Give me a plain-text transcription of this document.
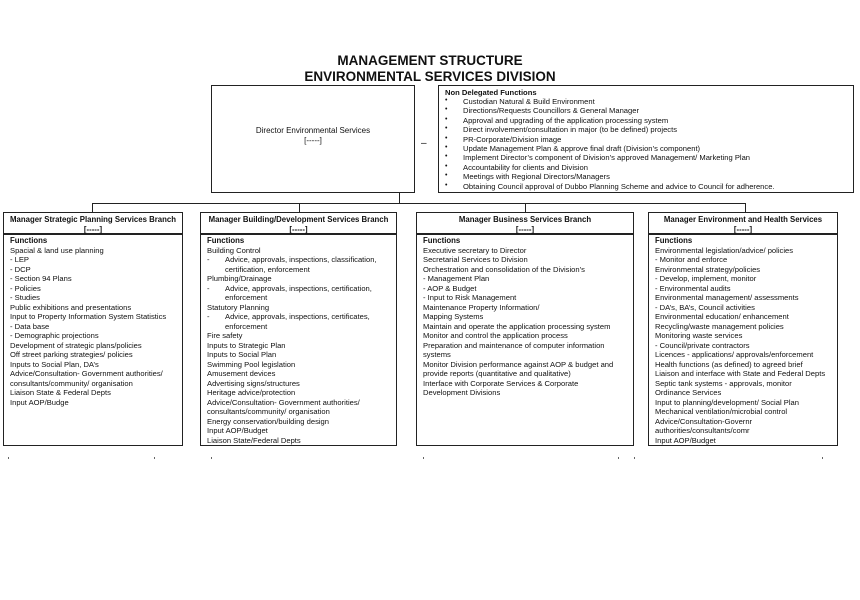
MANAGEMENT STRUCTURE
ENVIRONMENTAL SERVICES DIVISION
Director Environmental Services
[-----]	–
Non Delegated Functions
• Custodian Natural & Build Environment
• Directions/Requests Councillors & General Manager
• Approval and upgrading of the application processing system
• Direct involvement/consultation in major (to be defined) projects
• PR-Corporate/Division image
• Update Management Plan & approve final draft (Division’s component)
• Implement Director’s component of Division’s approved Management/ Marketing Plan
• Accountability for clients and Division
• Meetings with Regional Directors/Managers
• Obtaining Council approval of Dubbo Planning Scheme and advice to Council for adherence.
Manager Strategic Planning Services Branch
[-----]
Manager Building/Development Services Branch
[-----]
Manager Business Services Branch
[-----]
Manager Environment and Health Services
[-----]
Functions
Spacial & land use planning
- LEP
- DCP
- Section 94 Plans
- Policies
- Studies
Public exhibitions and presentations
Input to Property Information System Statistics
- Data base
- Demographic projections
Development of strategic plans/policies
Off street parking strategies/ policies
Inputs to Social Plan, DA’s
Advice/Consultation- Government authorities/
consultants/community/ organisation
Liaison State & Federal Depts
Input AOP/Budge
Functions
Building Control
- Advice, approvals, inspections, classification,
certification, enforcement
Plumbing/Drainage
- Advice, approvals, inspections, certification,
enforcement
Statutory Planning
- Advice, approvals, inspections, certificates,
enforcement
Fire safety
Inputs to Strategic Plan
Inputs to Social Plan
Swimming Pool legislation
Amusement devices
Advertising signs/structures
Heritage advice/protection
Advice/Consultation- Government authorities/
consultants/community/ organisation
Energy conservation/building design
Input AOP/Budget
Liaison State/Federal Depts
Functions
Executive secretary to Director
Secretarial Services to Division
Orchestration and consolidation of the Division’s
- Management Plan
- AOP & Budget
- Input to Risk Management
Maintenance Property Information/
Mapping Systems
Maintain and operate the application processing system
Monitor and control the application process
Preparation and maintenance of computer information
systems
Monitor Division performance against AOP & budget and
provide reports (quantitative and qualitative)
Interface with Corporate Services & Corporate
Development Divisions
Functions
Environmental legislation/advice/ policies
- Monitor and enforce
Environmental strategy/policies
- Develop, implement, monitor
- Environmental audits
Environmental management/ assessments
- DA’s, BA’s, Council activities
Environmental education/ enhancement
Recycling/waste management policies
Monitoring waste services
- Council/private contractors
Licences - applications/ approvals/enforcement
Health functions (as defined) to agreed brief
Liaison and interface with State and Federal Depts
Septic tank systems - approvals, monitor
Ordinance Services
Input to planning/development/ Social Plan
Mechanical ventilation/microbial control
Advice/Consultation-Governr
authorities/consultants/comr
Input AOP/Budget
